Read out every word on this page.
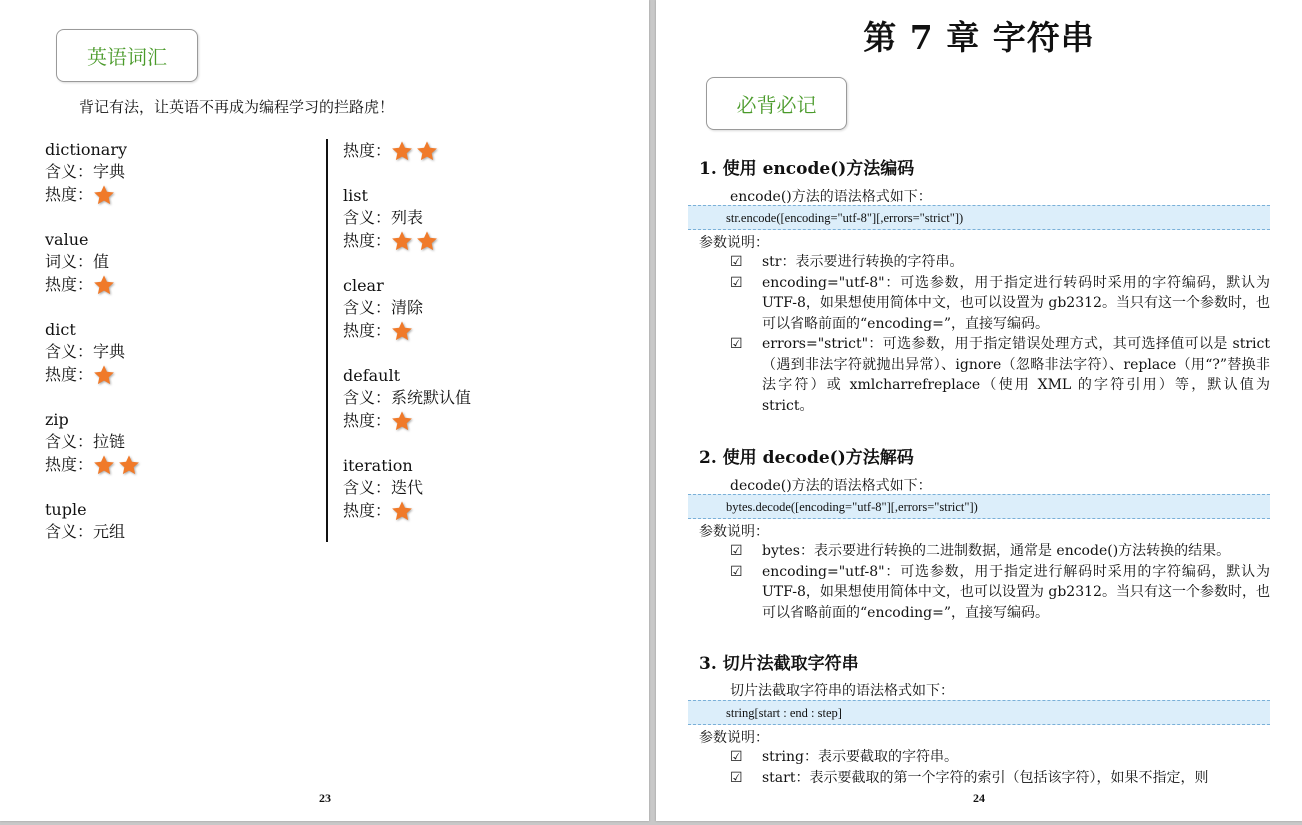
英语词汇
背记有法，让英语不再成为编程学习的拦路虎！
dictionary
含义：字典
热度：
value
词义：值
热度：
dict
含义：字典
热度：
zip
含义：拉链
热度：
tuple
含义：元组
热度：
list
含义：列表
热度：
clear
含义：清除
热度：
default
含义：系统默认值
热度：
iteration
含义：迭代
热度：
23
第 7 章 字符串
必背必记
1. 使用 encode()方法编码
encode()方法的语法格式如下：
str.encode([encoding="utf-8"][,errors="strict"])
参数说明：
☑	str：表示要进行转换的字符串。
☑	encoding="utf-8"：可选参数，用于指定进行转码时采用的字符编码，默认为 UTF-8，如果想使用简体中文，也可以设置为 gb2312。当只有这一个参数时，也可以省略前面的“encoding=”，直接写编码。
☑	errors="strict"：可选参数，用于指定错误处理方式，其可选择值可以是 strict（遇到非法字符就抛出异常）、ignore（忽略非法字符）、replace（用“?”替换非法字符）或 xmlcharrefreplace（使用 XML 的字符引用）等，默认值为 strict。
2. 使用 decode()方法解码
decode()方法的语法格式如下：
bytes.decode([encoding="utf-8"][,errors="strict"])
参数说明：
☑	bytes：表示要进行转换的二进制数据，通常是 encode()方法转换的结果。
☑	encoding="utf-8"：可选参数，用于指定进行解码时采用的字符编码，默认为 UTF-8，如果想使用简体中文，也可以设置为 gb2312。当只有这一个参数时，也可以省略前面的“encoding=”，直接写编码。
3. 切片法截取字符串
切片法截取字符串的语法格式如下：
string[start : end : step]
参数说明：
☑	string：表示要截取的字符串。
☑	start：表示要截取的第一个字符的索引（包括该字符），如果不指定，则
24
